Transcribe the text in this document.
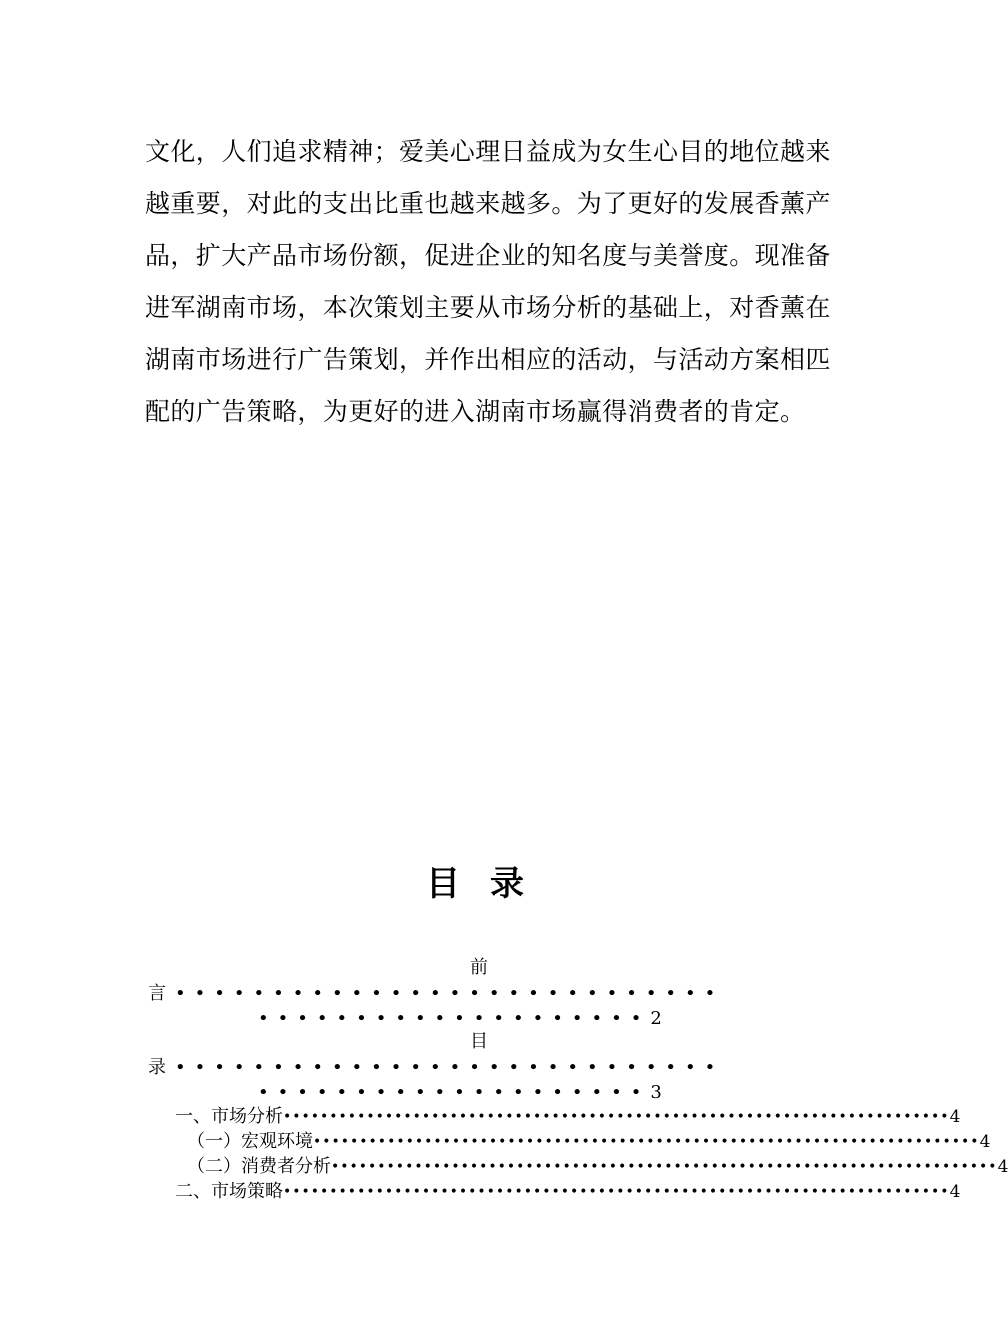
文化，人们追求精神；爱美心理日益成为女生心目的地位越来
越重要，对此的支出比重也越来越多。为了更好的发展香薰产
品，扩大产品市场份额，促进企业的知名度与美誉度。现准备
进军湖南市场，本次策划主要从市场分析的基础上，对香薰在
湖南市场进行广告策划，并作出相应的活动，与活动方案相匹
配的广告策略，为更好的进入湖南市场赢得消费者的肯定。
目录
前
言••••••••••••••••••••••••••••
••••••••••••••••••••2
目
录••••••••••••••••••••••••••••
••••••••••••••••••••3
一、市场分析 •••••••••••••••••••••••••••••••••••••••••••••••••••••••••••••••••••••••• 4
（一）宏观环境 •••••••••••••••••••••••••••••••••••••••••••••••••••••••••••••••••••••••• 4
（二）消费者分析 •••••••••••••••••••••••••••••••••••••••••••••••••••••••••••••••••••••••• 4
二、市场策略 •••••••••••••••••••••••••••••••••••••••••••••••••••••••••••••••••••••••• 4
